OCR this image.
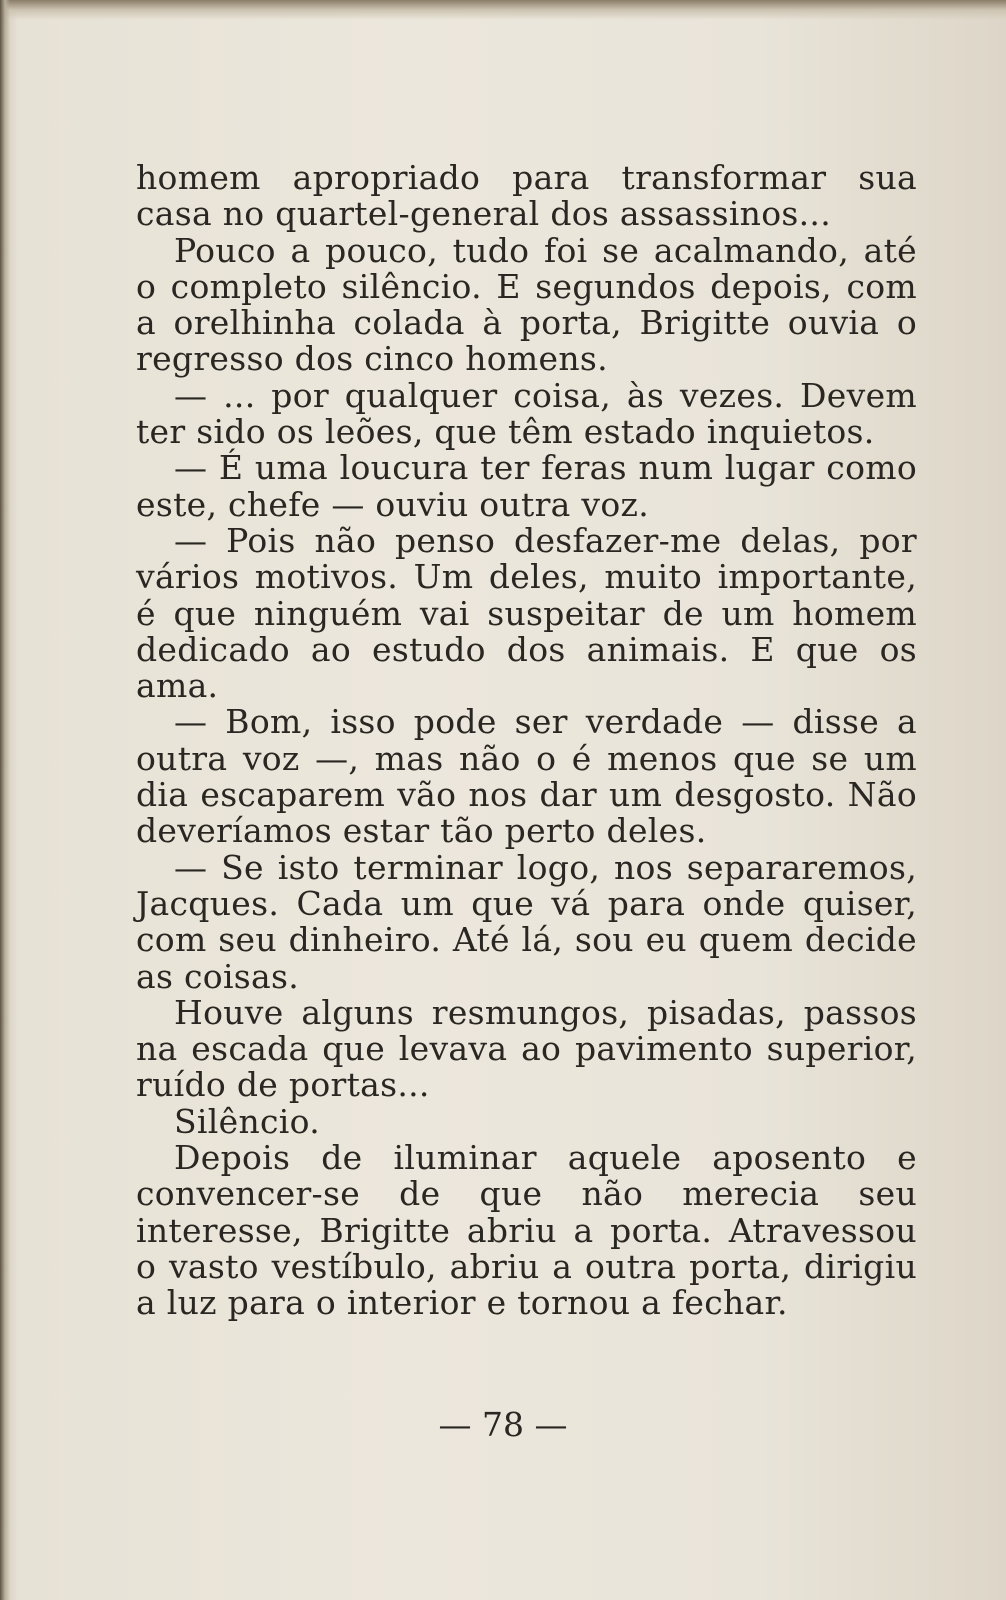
homem apropriado para transformar sua casa no quartel-general dos assassinos...

Pouco a pouco, tudo foi se acalmando, até o completo silêncio. E segundos depois, com a orelhinha colada à porta, Brigitte ouvia o regresso dos cinco homens.

— ... por qualquer coisa, às vezes. Devem ter sido os leões, que têm estado inquietos.

— É uma loucura ter feras num lugar como este, chefe — ouviu outra voz.

— Pois não penso desfazer-me delas, por vários motivos. Um deles, muito importante, é que ninguém vai suspeitar de um homem dedicado ao estudo dos animais. E que os ama.

— Bom, isso pode ser verdade — disse a outra voz —, mas não o é menos que se um dia escaparem vão nos dar um desgosto. Não deveríamos estar tão perto deles.

— Se isto terminar logo, nos separaremos, Jacques. Cada um que vá para onde quiser, com seu dinheiro. Até lá, sou eu quem decide as coisas.

Houve alguns resmungos, pisadas, passos na escada que levava ao pavimento superior, ruído de portas...

Silêncio.

Depois de iluminar aquele aposento e convencer-se de que não merecia seu interesse, Brigitte abriu a porta. Atravessou o vasto vestíbulo, abriu a outra porta, dirigiu a luz para o interior e tornou a fechar.

— 78 —
